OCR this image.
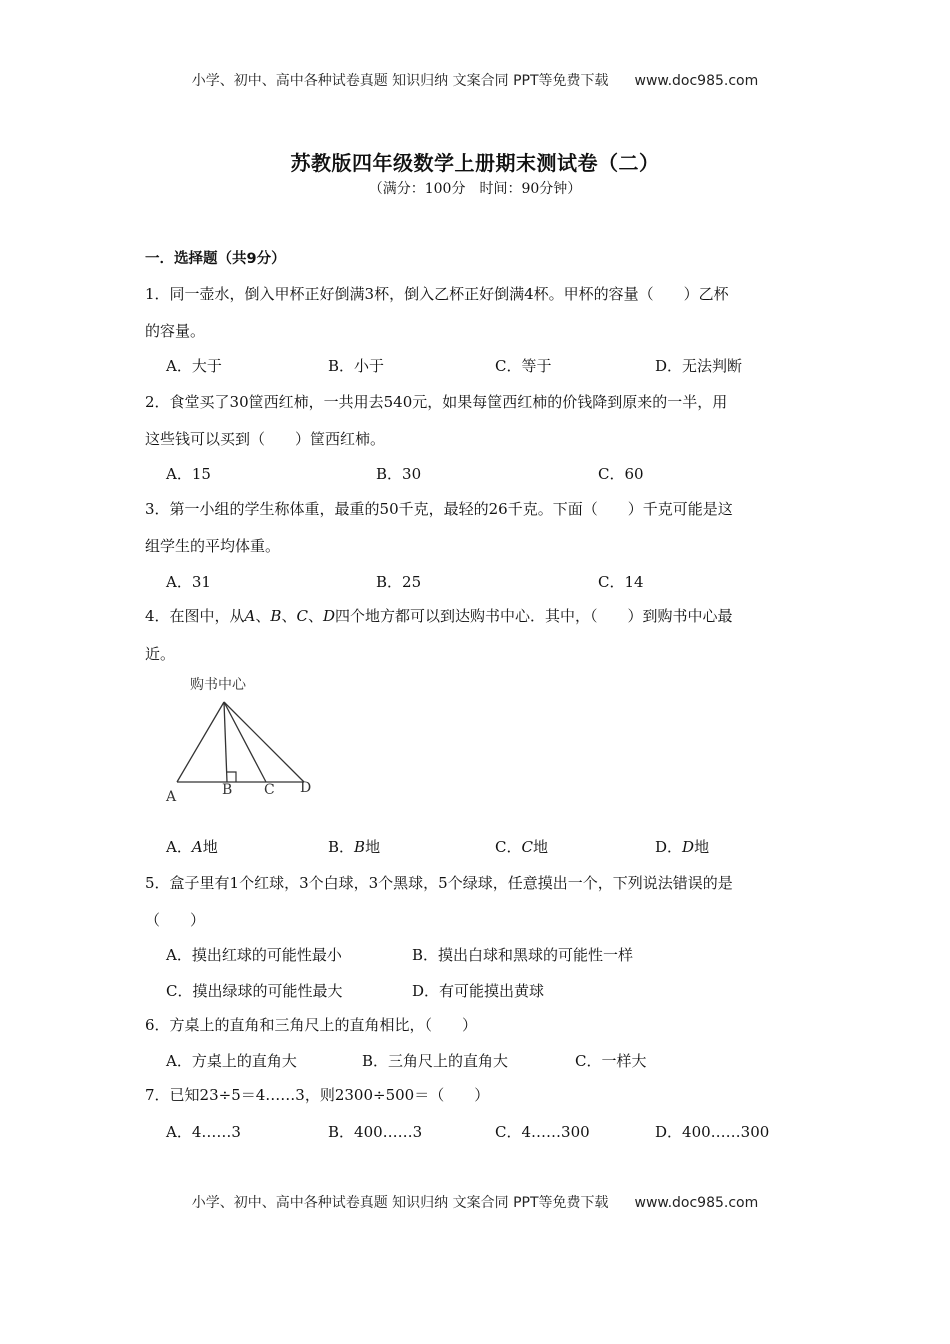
小学、初中、高中各种试卷真题 知识归纳 文案合同 PPT等免费下载 www.doc985.com
苏教版四年级数学上册期末测试卷（二）
（满分：100分　时间：90分钟）
一．选择题（共9分）
1．同一壶水，倒入甲杯正好倒满3杯，倒入乙杯正好倒满4杯。甲杯的容量（　　）乙杯
的容量。
A．大于	B．小于	C．等于	D．无法判断
2．食堂买了30筐西红柿，一共用去540元，如果每筐西红柿的价钱降到原来的一半，用
这些钱可以买到（　　）筐西红柿。
A．15	B．30	C．60
3．第一小组的学生称体重，最重的50千克，最轻的26千克。下面（　　）千克可能是这
组学生的平均体重。
A．31	B．25	C．14
4．在图中，从A、B、C、D四个地方都可以到达购书中心．其中，（　　）到购书中心最
近。
购书中心
A	B C D
A．A地	B．B地	C．C地	D．D地
5．盒子里有1个红球，3个白球，3个黑球，5个绿球，任意摸出一个，下列说法错误的是
（　　）
A．摸出红球的可能性最小	B．摸出白球和黑球的可能性一样
C．摸出绿球的可能性最大	D．有可能摸出黄球
6．方桌上的直角和三角尺上的直角相比，（　　）
A．方桌上的直角大	B．三角尺上的直角大	C．一样大
7．已知23÷5＝4……3，则2300÷500＝（　　）
A．4……3	B．400……3	C．4……300	D．400……300
小学、初中、高中各种试卷真题 知识归纳 文案合同 PPT等免费下载 www.doc985.com
